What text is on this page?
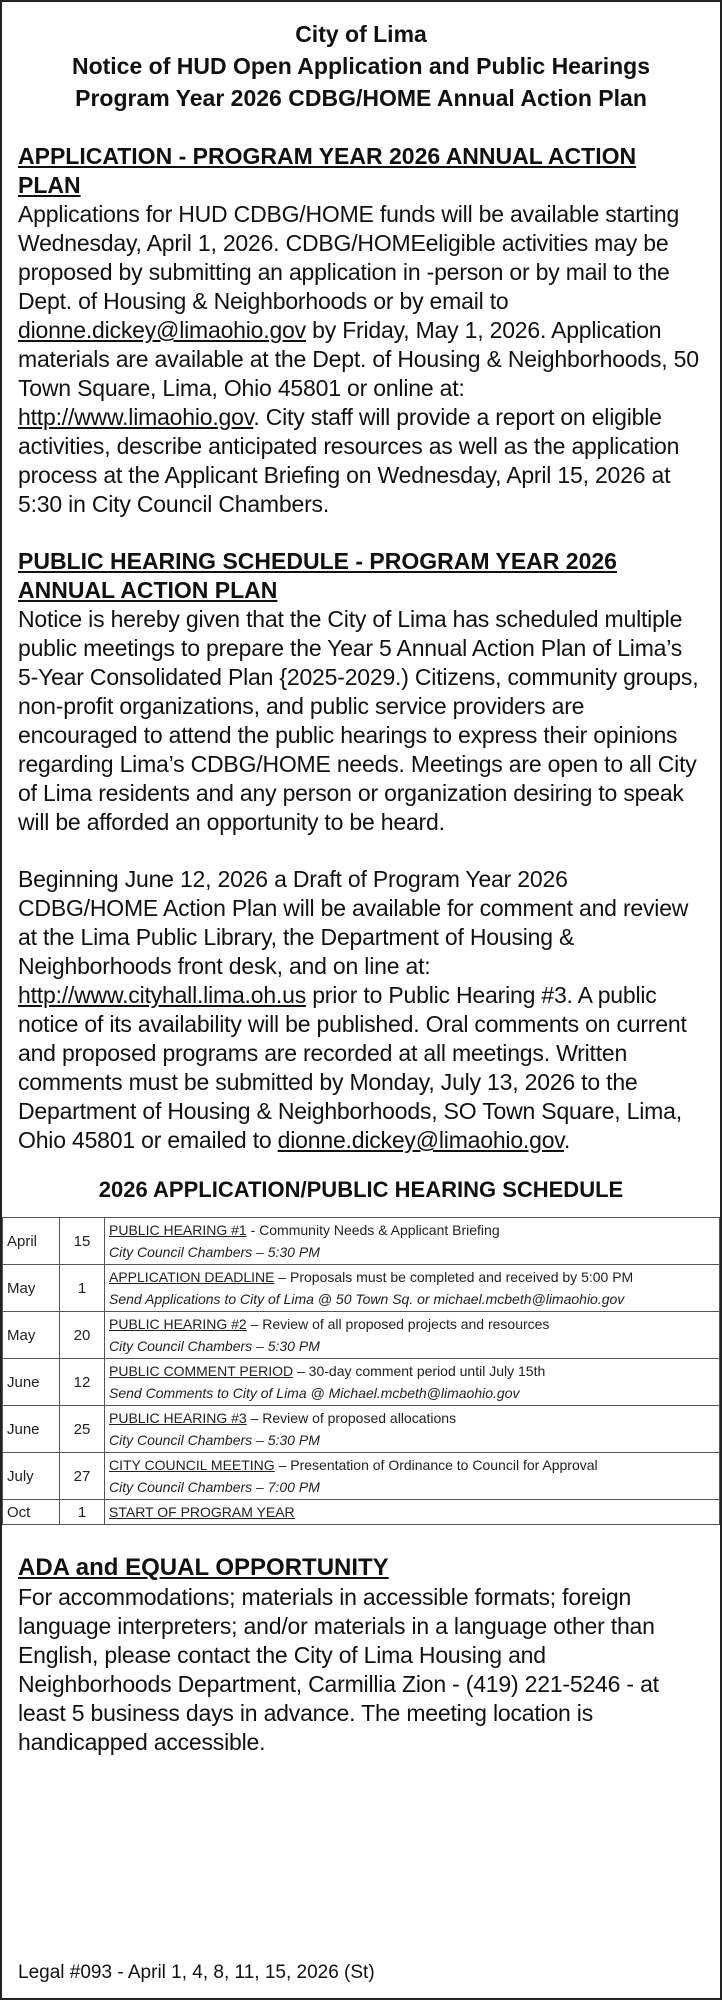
City of Lima
Notice of HUD Open Application and Public Hearings
Program Year 2026 CDBG/HOME Annual Action Plan

APPLICATION - PROGRAM YEAR 2026 ANNUAL ACTION PLAN

Applications for HUD CDBG/HOME funds will be available starting Wednesday, April 1, 2026. CDBG/HOMEeligible activities may be proposed by submitting an application in -person or by mail to the Dept. of Housing & Neighborhoods or by email to dionne.dickey@limaohio.gov by Friday, May 1, 2026. Application materials are available at the Dept. of Housing & Neighborhoods, 50 Town Square, Lima, Ohio 45801 or online at: http://www.limaohio.gov. City staff will provide a report on eligible activities, describe anticipated resources as well as the application process at the Applicant Briefing on Wednesday, April 15, 2026 at 5:30 in City Council Chambers.

PUBLIC HEARING SCHEDULE - PROGRAM YEAR 2026 ANNUAL ACTION PLAN

Notice is hereby given that the City of Lima has scheduled multiple public meetings to prepare the Year 5 Annual Action Plan of Lima’s 5-Year Consolidated Plan {2025-2029.) Citizens, community groups, non-profit organizations, and public service providers are encouraged to attend the public hearings to express their opinions regarding Lima’s CDBG/HOME needs. Meetings are open to all City of Lima residents and any person or organization desiring to speak will be afforded an opportunity to be heard.

Beginning June 12, 2026 a Draft of Program Year 2026 CDBG/HOME Action Plan will be available for comment and review at the Lima Public Library, the Department of Housing & Neighborhoods front desk, and on line at: http://www.cityhall.lima.oh.us prior to Public Hearing #3. A public notice of its availability will be published. Oral comments on current and proposed programs are recorded at all meetings. Written comments must be submitted by Monday, July 13, 2026 to the Department of Housing & Neighborhoods, SO Town Square, Lima, Ohio 45801 or emailed to dionne.dickey@limaohio.gov.

2026 APPLICATION/PUBLIC HEARING SCHEDULE
April	15	PUBLIC HEARING #1 - Community Needs & Applicant Briefing
City Council Chambers – 5:30 PM

May	1	APPLICATION DEADLINE – Proposals must be completed and received by 5:00 PM
Send Applications to City of Lima @ 50 Town Sq. or michael.mcbeth@limaohio.gov

May	20	PUBLIC HEARING #2 – Review of all proposed projects and resources
City Council Chambers – 5:30 PM

June	12	PUBLIC COMMENT PERIOD – 30-day comment period until July 15th
Send Comments to City of Lima @ Michael.mcbeth@limaohio.gov

June	25	PUBLIC HEARING #3 – Review of proposed allocations
City Council Chambers – 5:30 PM

July	27	CITY COUNCIL MEETING – Presentation of Ordinance to Council for Approval
City Council Chambers – 7:00 PM

Oct	1	START OF PROGRAM YEAR

ADA and EQUAL OPPORTUNITY

For accommodations; materials in accessible formats; foreign language interpreters; and/or materials in a language other than English, please contact the City of Lima Housing and Neighborhoods Department, Carmillia Zion - (419) 221-5246 - at least 5 business days in advance. The meeting location is handicapped accessible.

Legal #093 - April 1, 4, 8, 11, 15, 2026 (St)
